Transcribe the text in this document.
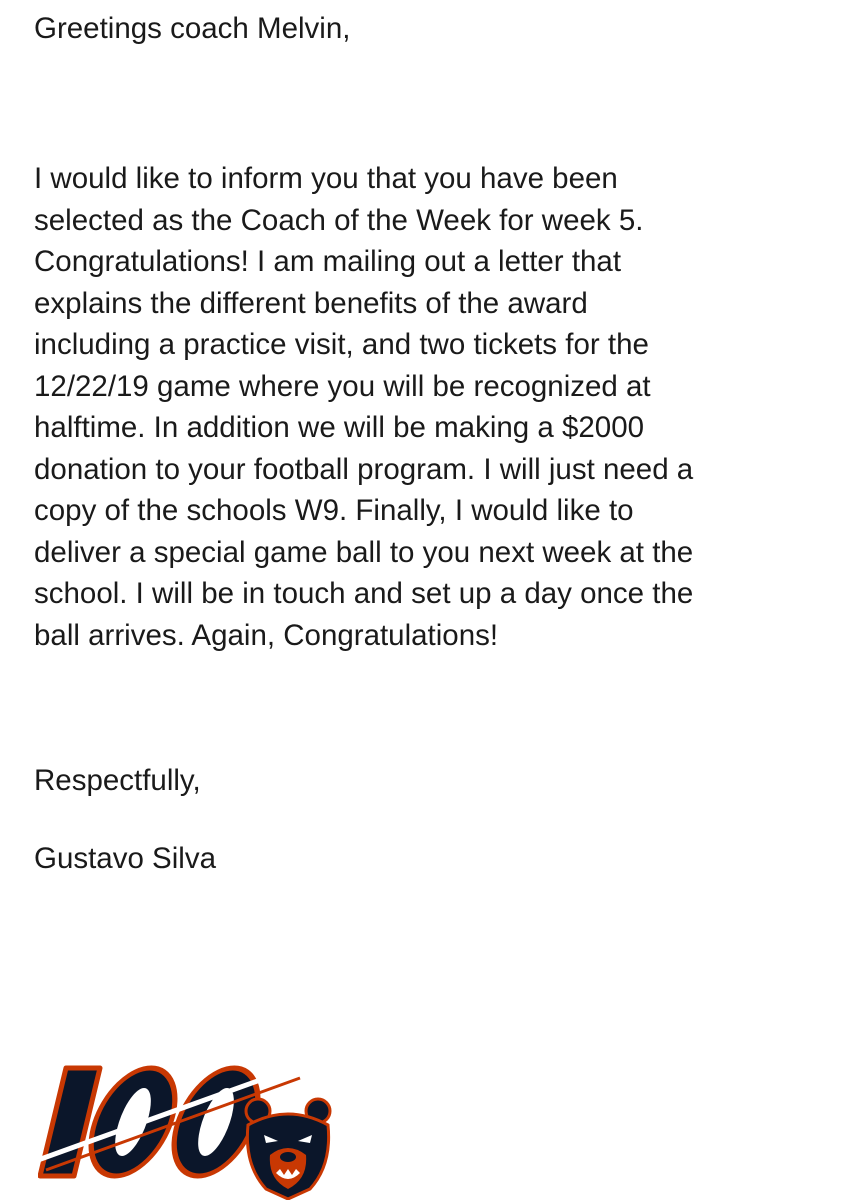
Greetings coach Melvin,

I would like to inform you that you have been
selected as the Coach of the Week for week 5.
Congratulations! I am mailing out a letter that
explains the different benefits of the award
including a practice visit, and two tickets for the
12/22/19 game where you will be recognized at
halftime. In addition we will be making a $2000
donation to your football program. I will just need a
copy of the schools W9. Finally, I would like to
deliver a special game ball to you next week at the
school. I will be in touch and set up a day once the
ball arrives. Again, Congratulations!

Respectfully,

Gustavo Silva
